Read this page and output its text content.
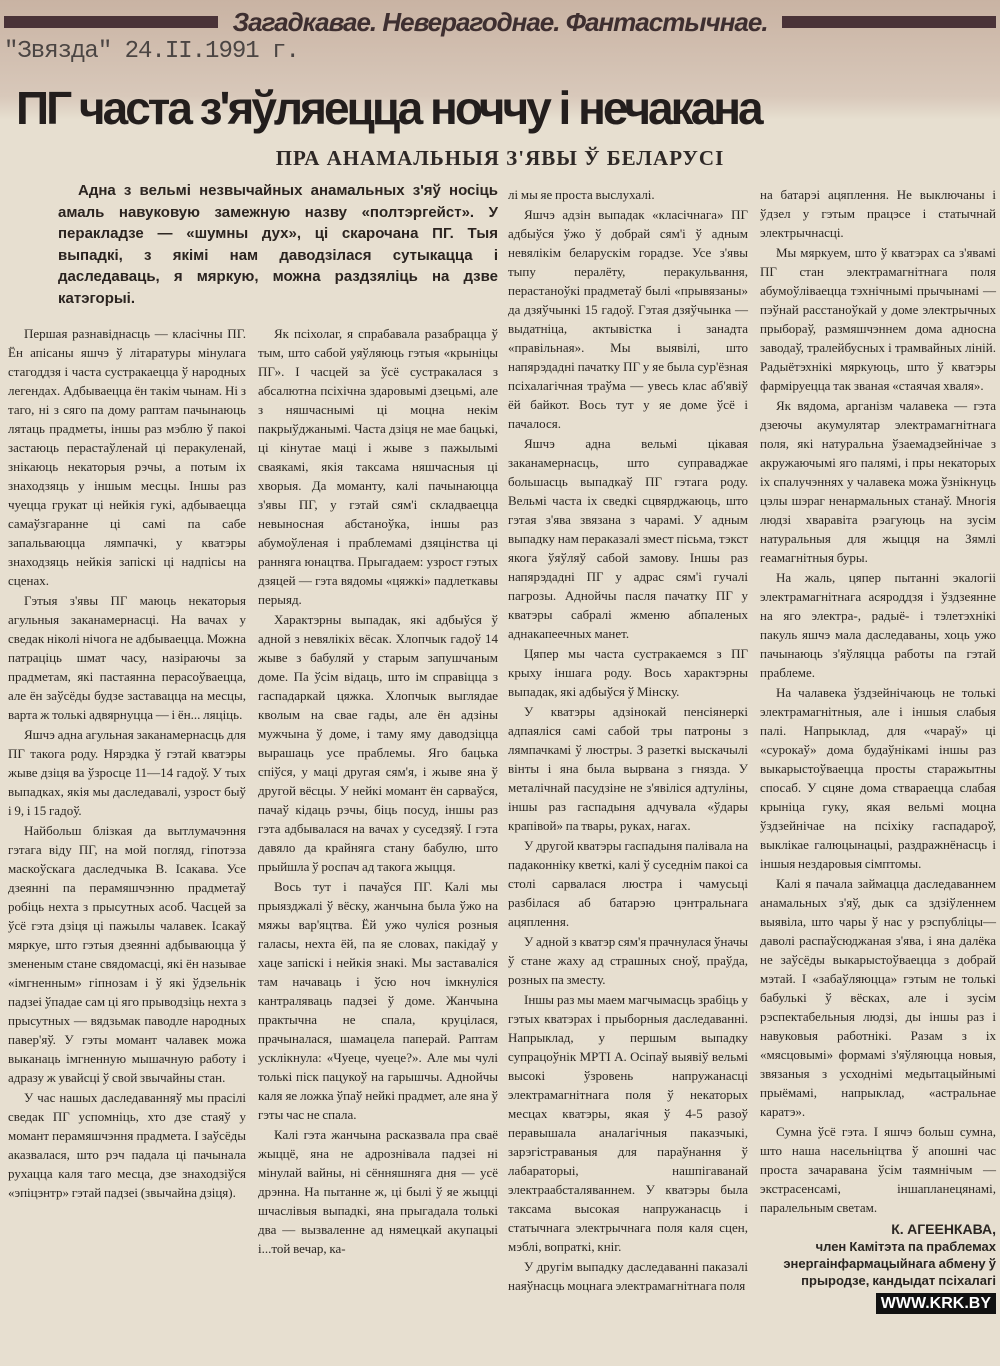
Загадкавае. Неверагоднае. Фантастычнае.
"Звязда" 24.II.1991 г.
ПГ часта з'яўляецца ноччу і нечакана
ПРА АНАМАЛЬНЫЯ З'ЯВЫ Ў БЕЛАРУСІ

Адна з вельмі незвычайных анамальных з'яў носіць амаль навуковую замежную назву «полтэргейст». У перакладзе — «шумны дух», ці скарочана ПГ. Тыя выпадкі, з якімі нам даводзілася сутыкацца і даследаваць, я мяркую, можна раздзяліць на дзве катэгорыі.

Першая разнавіднасць — класічны ПГ. Ён апісаны яшчэ ў літаратуры мінулага стагоддзя і часта сустракаецца ў народных легендах. Адбываецца ён такім чынам. Ні з таго, ні з сяго па дому раптам пачынаюць лятаць прадметы, іншы раз мэблю ў пакоі застаюць перастаўленай ці перакуленай, знікаюць некаторыя рэчы, а потым іх знаходзяць у іншым месцы. Іншы раз чуецца грукат ці нейкія гукі, адбываецца самаўзгаранне ці самі па сабе запальваюцца лямпачкі, у кватэры знаходзяць нейкія запіскі ці надпісы на сценах.

Гэтыя з'явы ПГ маюць некаторыя агульныя заканамернасці. На вачах у сведак ніколі нічога не адбываецца. Можна патраціць шмат часу, назіраючы за прадметам, які пастаянна перасоўваецца, але ён заўсёды будзе заставацца на месцы, варта ж толькі адвярнуцца — і ён... ляціць.

Яшчэ адна агульная заканамернасць для ПГ такога роду. Нярэдка ў гэтай кватэры жыве дзіця ва ўзросце 11—14 гадоў. У тых выпадках, якія мы даследавалі, узрост быў і 9, і 15 гадоў.

Найбольш блізкая да вытлумачэння гэтага віду ПГ, на мой погляд, гіпотэза маскоўскага даследчыка В. Ісакава. Усе дзеянні па перамяшчэнню прадметаў робіць нехта з прысутных асоб. Часцей за ўсё гэта дзіця ці пажылы чалавек. Ісакаў мяркуе, што гэтыя дзеянні адбываюцца ў змененым стане свядомасці, які ён называе «імгненным» гіпнозам і ў які ўдзельнік падзеі ўпадае сам ці яго прыводзіць нехта з прысутных — вядзьмак паводле народных павер'яў. У гэты момант чалавек можа выканаць імгненную мышачную работу і адразу ж увайсці ў свой звычайны стан.

У час нашых даследаванняў мы прасілі сведак ПГ успомніць, хто дзе стаяў у момант перамяшчэння прадмета. І заўсёды аказвалася, што рэч падала ці пачынала рухацца каля таго месца, дзе знаходзіўся «эпіцэнтр» гэтай падзеі (звычайна дзіця).

Як псіхолаг, я спрабавала разабрацца ў тым, што сабой уяўляюць гэтыя «крыніцы ПГ». І часцей за ўсё сустракалася з абсалютна псіхічна здаровымі дзецьмі, але з няшчаснымі ці моцна некім пакрыўджанымі. Часта дзіця не мае бацькі, ці кінутае маці і жыве з пажылымі сваякамі, якія таксама няшчасныя ці хворыя. Да моманту, калі пачынаюцца з'явы ПГ, у гэтай сям'і складваецца невыносная абстаноўка, іншы раз абумоўленая і праблемамі дзяцінства ці ранняга юнацтва. Прыгадаем: узрост гэтых дзяцей — гэта вядомы «цяжкі» падлеткавы перыяд.

Характэрны выпадак, які адбыўся ў адной з невялікіх вёсак. Хлопчык гадоў 14 жыве з бабуляй у старым запушчаным доме. Па ўсім відаць, што ім справіцца з гаспадаркай цяжка. Хлопчык выглядае кволым на свае гады, але ён адзіны мужчына ў доме, і таму яму даводзіцца вырашаць усе праблемы. Яго бацька спіўся, у маці другая сям'я, і жыве яна ў другой вёсцы. У нейкі момант ён сарваўся, пачаў кідаць рэчы, біць посуд, іншы раз гэта адбывалася на вачах у суседзяў. І гэта давяло да крайняга стану бабулю, што прыйшла ў роспач ад такога жыцця.

Вось тут і пачаўся ПГ. Калі мы прыязджалі ў вёску, жанчына была ўжо на мяжы вар'яцтва. Ёй ужо чуліся розныя галасы, нехта ёй, па яе словах, пакідаў у хаце запіскі і нейкія знакі. Мы заставаліся там начаваць і ўсю ноч імкнуліся кантраляваць падзеі ў доме. Жанчына практычна не спала, круцілася, прачыналася, шамацела паперай. Раптам усклікнула: «Чуеце, чуеце?». Але мы чулі толькі піск пацукоў на гарышчы. Аднойчы каля яе ложка ўпаў нейкі прадмет, але яна ў гэты час не спала.

Калі гэта жанчына расказвала пра сваё жыццё, яна не адрознівала падзеі ні мінулай вайны, ні сённяшняга дня — усё дрэнна. На пытанне ж, ці былі ў яе жыцці шчаслівыя выпадкі, яна прыгадала толькі два — вызваленне ад нямецкай акупацыі і...той вечар, ка-

лі мы яе проста выслухалі.

Яшчэ адзін выпадак «класічнага» ПГ адбыўся ўжо ў добрай сям'і ў адным невялікім беларускім горадзе. Усе з'явы тыпу пералёту, перакульвання, перастаноўкі прадметаў былі «прывязаны» да дзяўчынкі 15 гадоў. Гэтая дзяўчынка — выдатніца, актывістка і занадта «правільная». Мы выявілі, што напярэдадні пачатку ПГ у яе была сур'ёзная псіхалагічная траўма — увесь клас аб'явіў ёй байкот. Вось тут у яе доме ўсё і пачалося.

Яшчэ адна вельмі цікавая заканамернасць, што суправаджае большасць выпадкаў ПГ гэтага роду. Вельмі часта іх сведкі сцвярджаюць, што гэтая з'ява звязана з чарамі. У адным выпадку нам пераказалі змест пісьма, тэкст якога ўяўляў сабой замову. Іншы раз напярэдадні ПГ у адрас сям'і гучалі пагрозы. Аднойчы пасля пачатку ПГ у кватэры сабралі жменю абпаленых аднакапеечных манет.

Цяпер мы часта сустракаемся з ПГ крыху іншага роду. Вось характэрны выпадак, які адбыўся ў Мінску.

У кватэры адзінокай пенсіянеркі адпаяліся самі сабой тры патроны з лямпачкамі ў люстры. З разеткі выскачылі вінты і яна была вырвана з гнязда. У металічнай пасудзіне не з'явіліся адтуліны, іншы раз гаспадыня адчувала «ўдары крапівой» па твары, руках, нагах.

У другой кватэры гаспадыня палівала на падаконніку кветкі, калі ў суседнім пакоі са столі сарвалася люстра і чамусьці разбілася аб батарэю цэнтральнага ацяплення.

У адной з кватэр сям'я прачнулася ўначы ў стане жаху ад страшных сноў, праўда, розных па зместу.

Іншы раз мы маем магчымасць зрабіць у гэтых кватэрах і прыборныя даследаванні. Напрыклад, у першым выпадку супрацоўнік МРТІ А. Осіпаў выявіў вельмі высокі ўзровень напружанасці электрамагнітнага поля ў некаторых месцах кватэры, якая ў 4-5 разоў перавышала аналагічныя паказчыкі, зарэгістраваныя для параўнання ў лабараторыі, нашпігаванай электраабсталяваннем. У кватэры была таксама высокая напружанасць і статычнага электрычнага поля каля сцен, мэблі, вопраткі, кніг.

У другім выпадку даследаванні паказалі наяўнасць моцнага электрамагнітнага поля

на батарэі ацяплення. Не выключаны і ўдзел у гэтым працэсе і статычнай электрычнасці.

Мы мяркуем, што ў кватэрах са з'явамі ПГ стан электрамагнітнага поля абумоўліваецца тэхнічнымі прычынамі — пэўнай расстаноўкай у доме электрычных прыбораў, размяшчэннем дома адносна заводаў, тралейбусных і трамвайных ліній. Радыётэхнікі мяркуюць, што ў кватэры фарміруецца так званая «стаячая хваля».

Як вядома, арганізм чалавека — гэта дзеючы акумулятар электрамагнітнага поля, які натуральна ўзаемадзейнічае з акружаючымі яго палямі, і пры некаторых іх спалучэннях у чалавека можа ўзнікнуць цэлы шэраг ненармальных станаў. Многія людзі хваравіта рэагуюць на зусім натуральныя для жыцця на Зямлі геамагнітныя буры.

На жаль, цяпер пытанні экалогіі электрамагнітнага асяроддзя і ўздзеянне на яго электра-, радыё- і тэлетэхнікі пакуль яшчэ мала даследаваны, хоць ужо пачынаюць з'яўляцца работы па гэтай праблеме.

На чалавека ўздзейнічаюць не толькі электрамагнітныя, але і іншыя слабыя палі. Напрыклад, для «чараў» ці «сурокаў» дома будаўнікамі іншы раз выкарыстоўваецца просты старажытны спосаб. У сцяне дома ствараецца слабая крыніца гуку, якая вельмі моцна ўздзейнічае на псіхіку гаспадароў, выклікае галюцынацыі, раздражнёнасць і іншыя нездаровыя сімптомы.

Калі я пачала займацца даследаваннем анамальных з'яў, дык са здзіўленнем выявіла, што чары ў нас у рэспубліцы— даволі распаўсюджаная з'ява, і яна далёка не заўсёды выкарыстоўваецца з добрай мэтай. І «забаўляюцца» гэтым не толькі бабулькі ў вёсках, але і зусім рэспектабельныя людзі, ды іншы раз і навуковыя работнікі. Разам з іх «мясцовымі» формамі з'яўляюцца новыя, звязаныя з усходнімі медытацыйнымі прыёмамі, напрыклад, «астральнае каратэ».

Сумна ўсё гэта. І яшчэ больш сумна, што наша насельніцтва ў апошні час проста зачаравана ўсім таямнічым — экстрасенсамі, іншапланецянамі, паралельным светам.

К. АГЕЕНКАВА,
член Камітэта па праблемах энергаінфармацыйнага абмену ў прыродзе, кандыдат псіхалагі
WWW.KRK.BY
